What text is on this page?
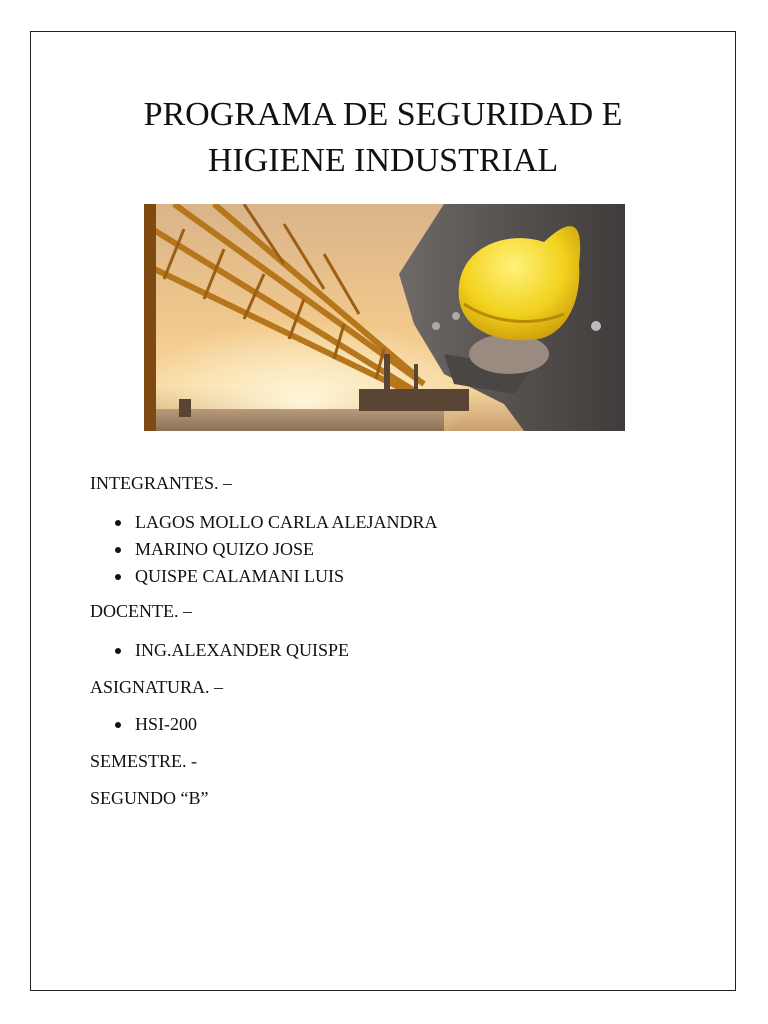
PROGRAMA DE SEGURIDAD E
HIGIENE INDUSTRIAL

INTEGRANTES. –

LAGOS MOLLO CARLA ALEJANDRA
MARINO QUIZO JOSE
QUISPE CALAMANI LUIS

DOCENTE. –

ING.ALEXANDER QUISPE

ASIGNATURA. –

HSI-200

SEMESTRE. -

SEGUNDO “B”
